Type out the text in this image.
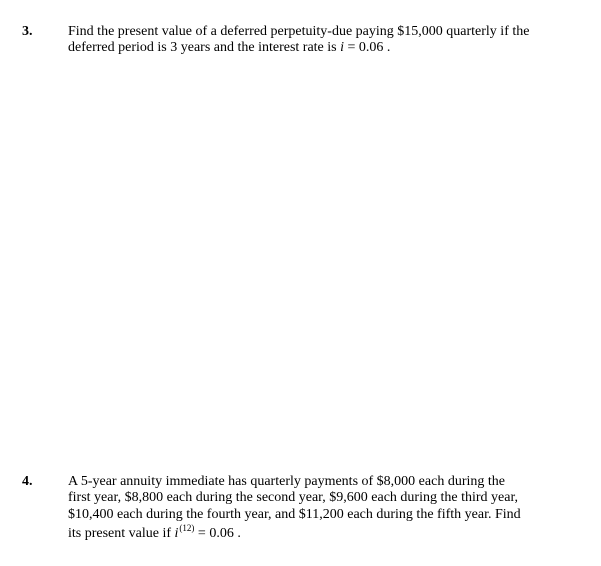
3.	Find the present value of a deferred perpetuity-due paying $15,000 quarterly if the
deferred period is 3 years and the interest rate is i = 0.06 .
4.	A 5-year annuity immediate has quarterly payments of $8,000 each during the
first year, $8,800 each during the second year, $9,600 each during the third year,
$10,400 each during the fourth year, and $11,200 each during the fifth year. Find
its present value if $i^{(12)} = 0.06$ .
